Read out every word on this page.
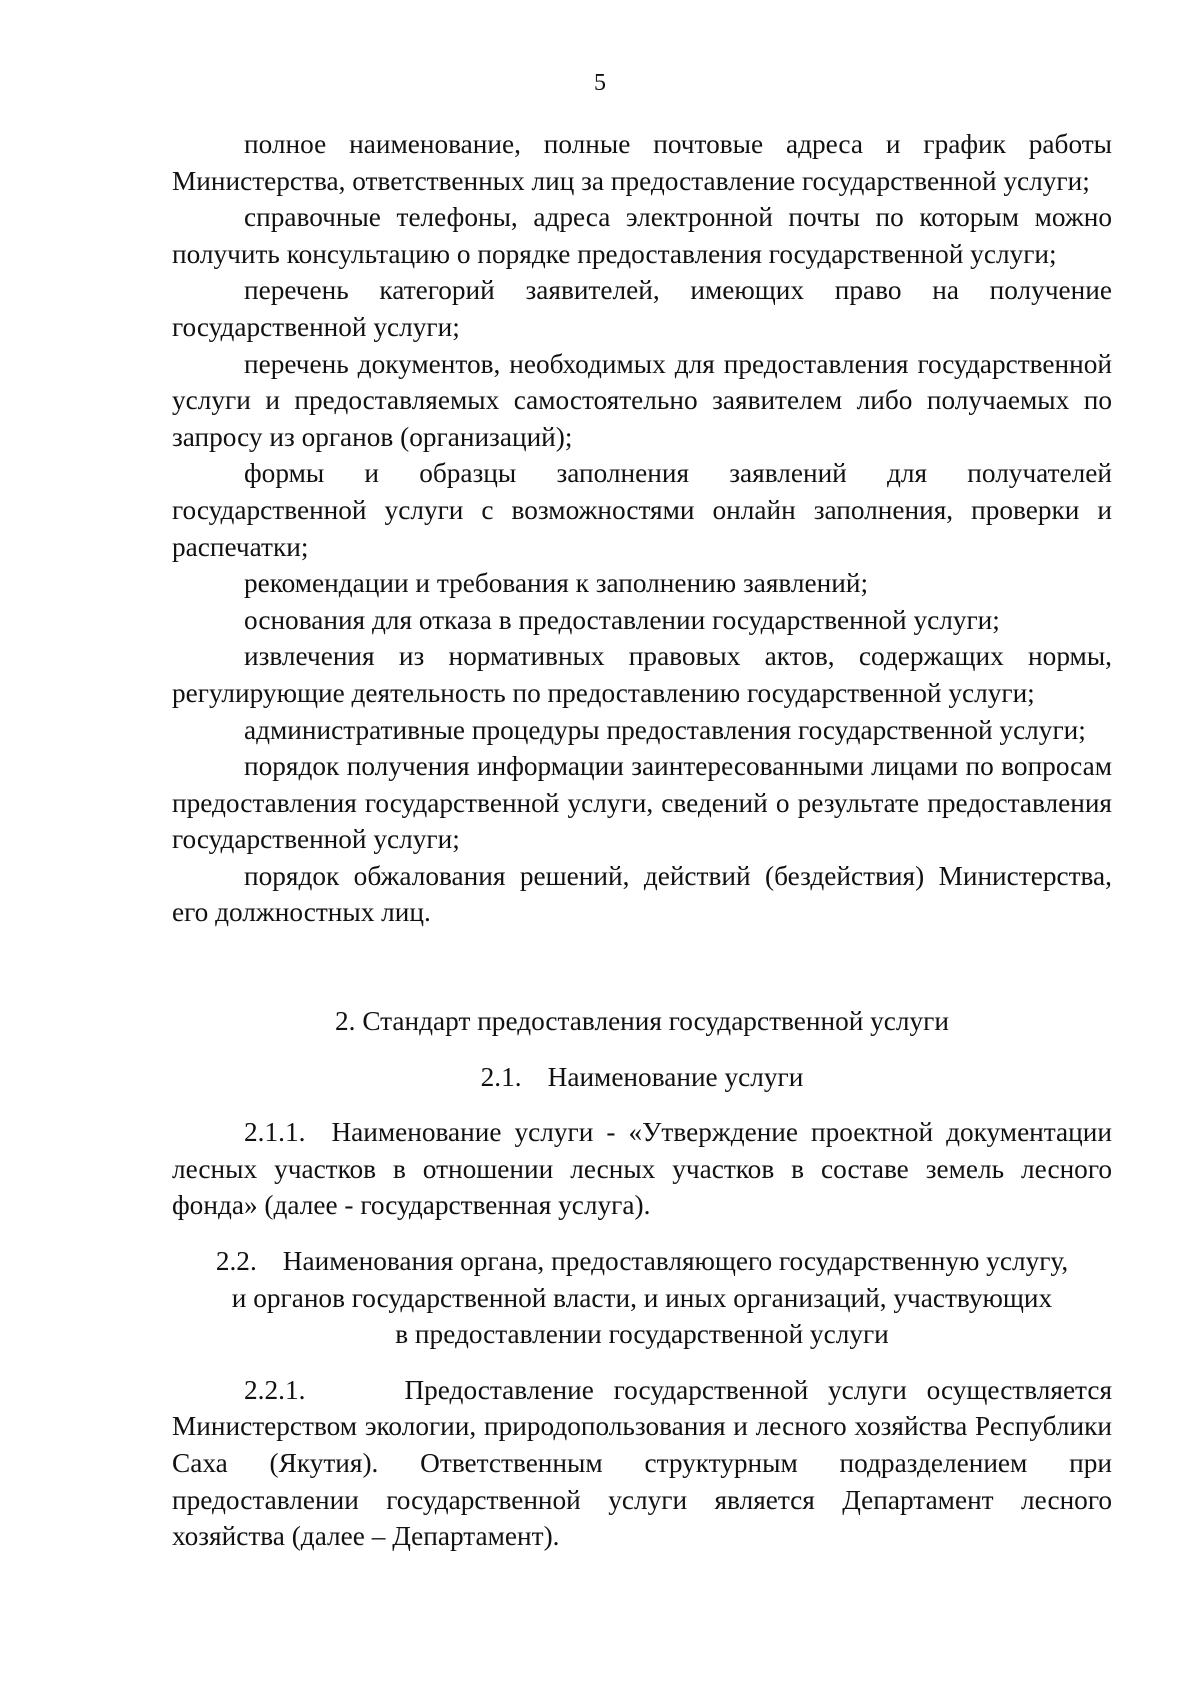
5

полное наименование, полные почтовые адреса и график работы Министерства, ответственных лиц за предоставление государственной услуги;

справочные телефоны, адреса электронной почты по которым можно получить консультацию о порядке предоставления государственной услуги;

перечень категорий заявителей, имеющих право на получение государственной услуги;

перечень документов, необходимых для предоставления государственной услуги и предоставляемых самостоятельно заявителем либо получаемых по запросу из органов (организаций);

формы и образцы заполнения заявлений для получателей государственной услуги с возможностями онлайн заполнения, проверки и распечатки;

рекомендации и требования к заполнению заявлений;

основания для отказа в предоставлении государственной услуги;

извлечения из нормативных правовых актов, содержащих нормы, регулирующие деятельность по предоставлению государственной услуги;

административные процедуры предоставления государственной услуги;

порядок получения информации заинтересованными лицами по вопросам предоставления государственной услуги, сведений о результате предоставления государственной услуги;

порядок обжалования решений, действий (бездействия) Министерства, его должностных лиц.

2. Стандарт предоставления государственной услуги

2.1. Наименование услуги

2.1.1. Наименование услуги - «Утверждение проектной документации лесных участков в отношении лесных участков в составе земель лесного фонда» (далее - государственная услуга).

2.2. Наименования органа, предоставляющего государственную услугу,
и органов государственной власти, и иных организаций, участвующих
в предоставлении государственной услуги

2.2.1.	Предоставление государственной услуги осуществляется Министерством экологии, природопользования и лесного хозяйства Республики Саха (Якутия). Ответственным структурным подразделением при предоставлении государственной услуги является Департамент лесного хозяйства (далее – Департамент).
